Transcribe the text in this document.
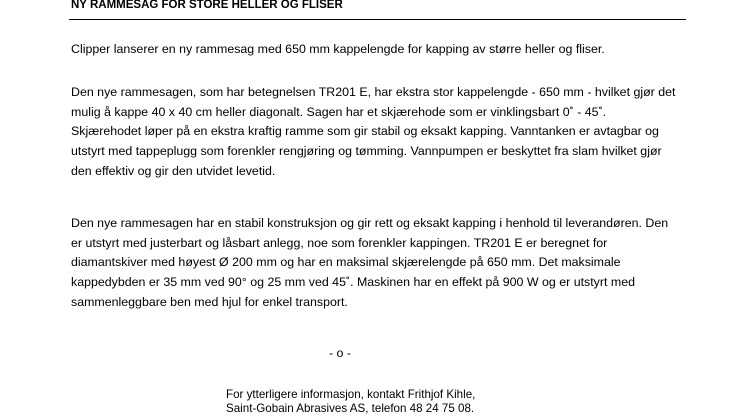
NY RAMMESAG FOR STORE HELLER OG FLISER

Clipper lanserer en ny rammesag med 650 mm kappelengde for kapping av større heller og fliser.

Den nye rammesagen, som har betegnelsen TR201 E, har ekstra stor kappelengde - 650 mm - hvilket gjør det
mulig å kappe 40 x 40 cm heller diagonalt. Sagen har et skjærehode som er vinklingsbart 0˚ - 45˚.
Skjærehodet løper på en ekstra kraftig ramme som gir stabil og eksakt kapping. Vanntanken er avtagbar og
utstyrt med tappeplugg som forenkler rengjøring og tømming. Vannpumpen er beskyttet fra slam hvilket gjør
den effektiv og gir den utvidet levetid.

Den nye rammesagen har en stabil konstruksjon og gir rett og eksakt kapping i henhold til leverandøren. Den
er utstyrt med justerbart og låsbart anlegg, noe som forenkler kappingen. TR201 E er beregnet for
diamantskiver med høyest Ø 200 mm og har en maksimal skjærelengde på 650 mm. Det maksimale
kappedybden er 35 mm ved 90° og 25 mm ved 45˚. Maskinen har en effekt på 900 W og er utstyrt med
sammenleggbare ben med hjul for enkel transport.

- o -
For ytterligere informasjon, kontakt Frithjof Kihle,
Saint-Gobain Abrasives AS, telefon 48 24 75 08.
